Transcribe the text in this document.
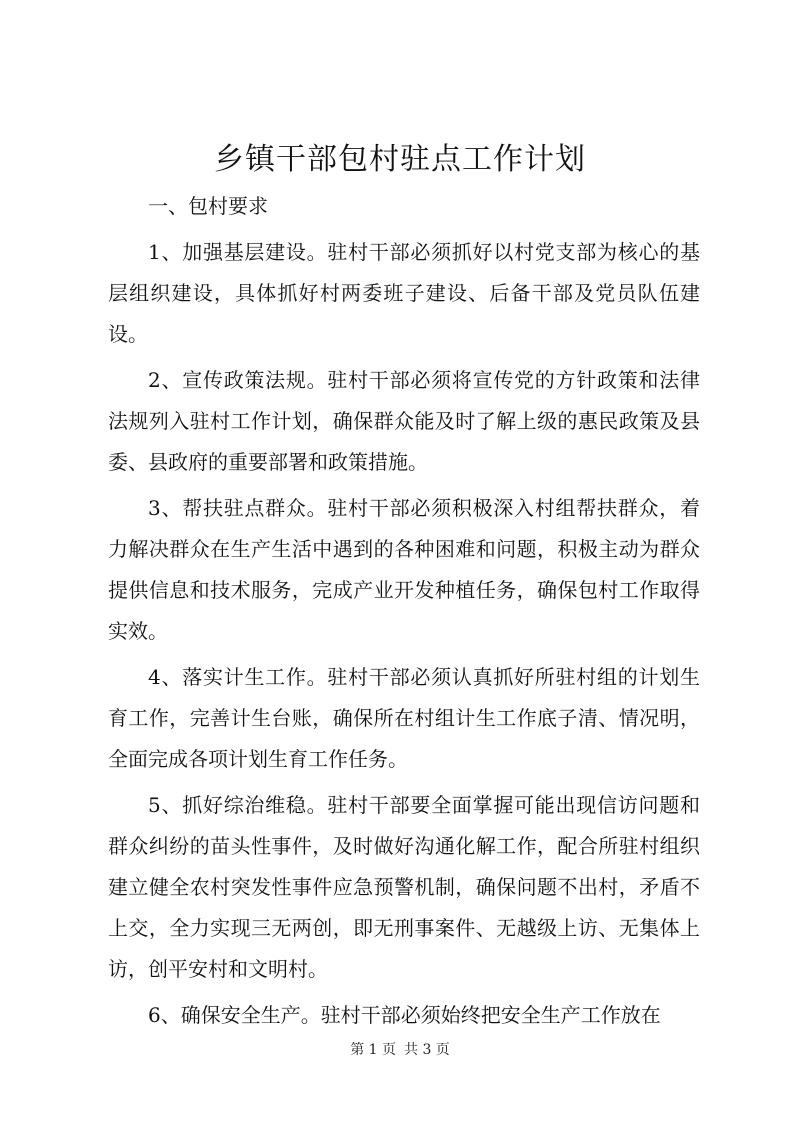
乡镇干部包村驻点工作计划

一、包村要求

1、加强基层建设。驻村干部必须抓好以村党支部为核心的基层组织建设，具体抓好村两委班子建设、后备干部及党员队伍建设。

2、宣传政策法规。驻村干部必须将宣传党的方针政策和法律法规列入驻村工作计划，确保群众能及时了解上级的惠民政策及县委、县政府的重要部署和政策措施。

3、帮扶驻点群众。驻村干部必须积极深入村组帮扶群众，着力解决群众在生产生活中遇到的各种困难和问题，积极主动为群众提供信息和技术服务，完成产业开发种植任务，确保包村工作取得实效。

4、落实计生工作。驻村干部必须认真抓好所驻村组的计划生育工作，完善计生台账，确保所在村组计生工作底子清、情况明，全面完成各项计划生育工作任务。

5、抓好综治维稳。驻村干部要全面掌握可能出现信访问题和群众纠纷的苗头性事件，及时做好沟通化解工作，配合所驻村组织建立健全农村突发性事件应急预警机制，确保问题不出村，矛盾不上交，全力实现三无两创，即无刑事案件、无越级上访、无集体上访，创平安村和文明村。

6、确保安全生产。驻村干部必须始终把安全生产工作放在

第 1 页 共 3 页
